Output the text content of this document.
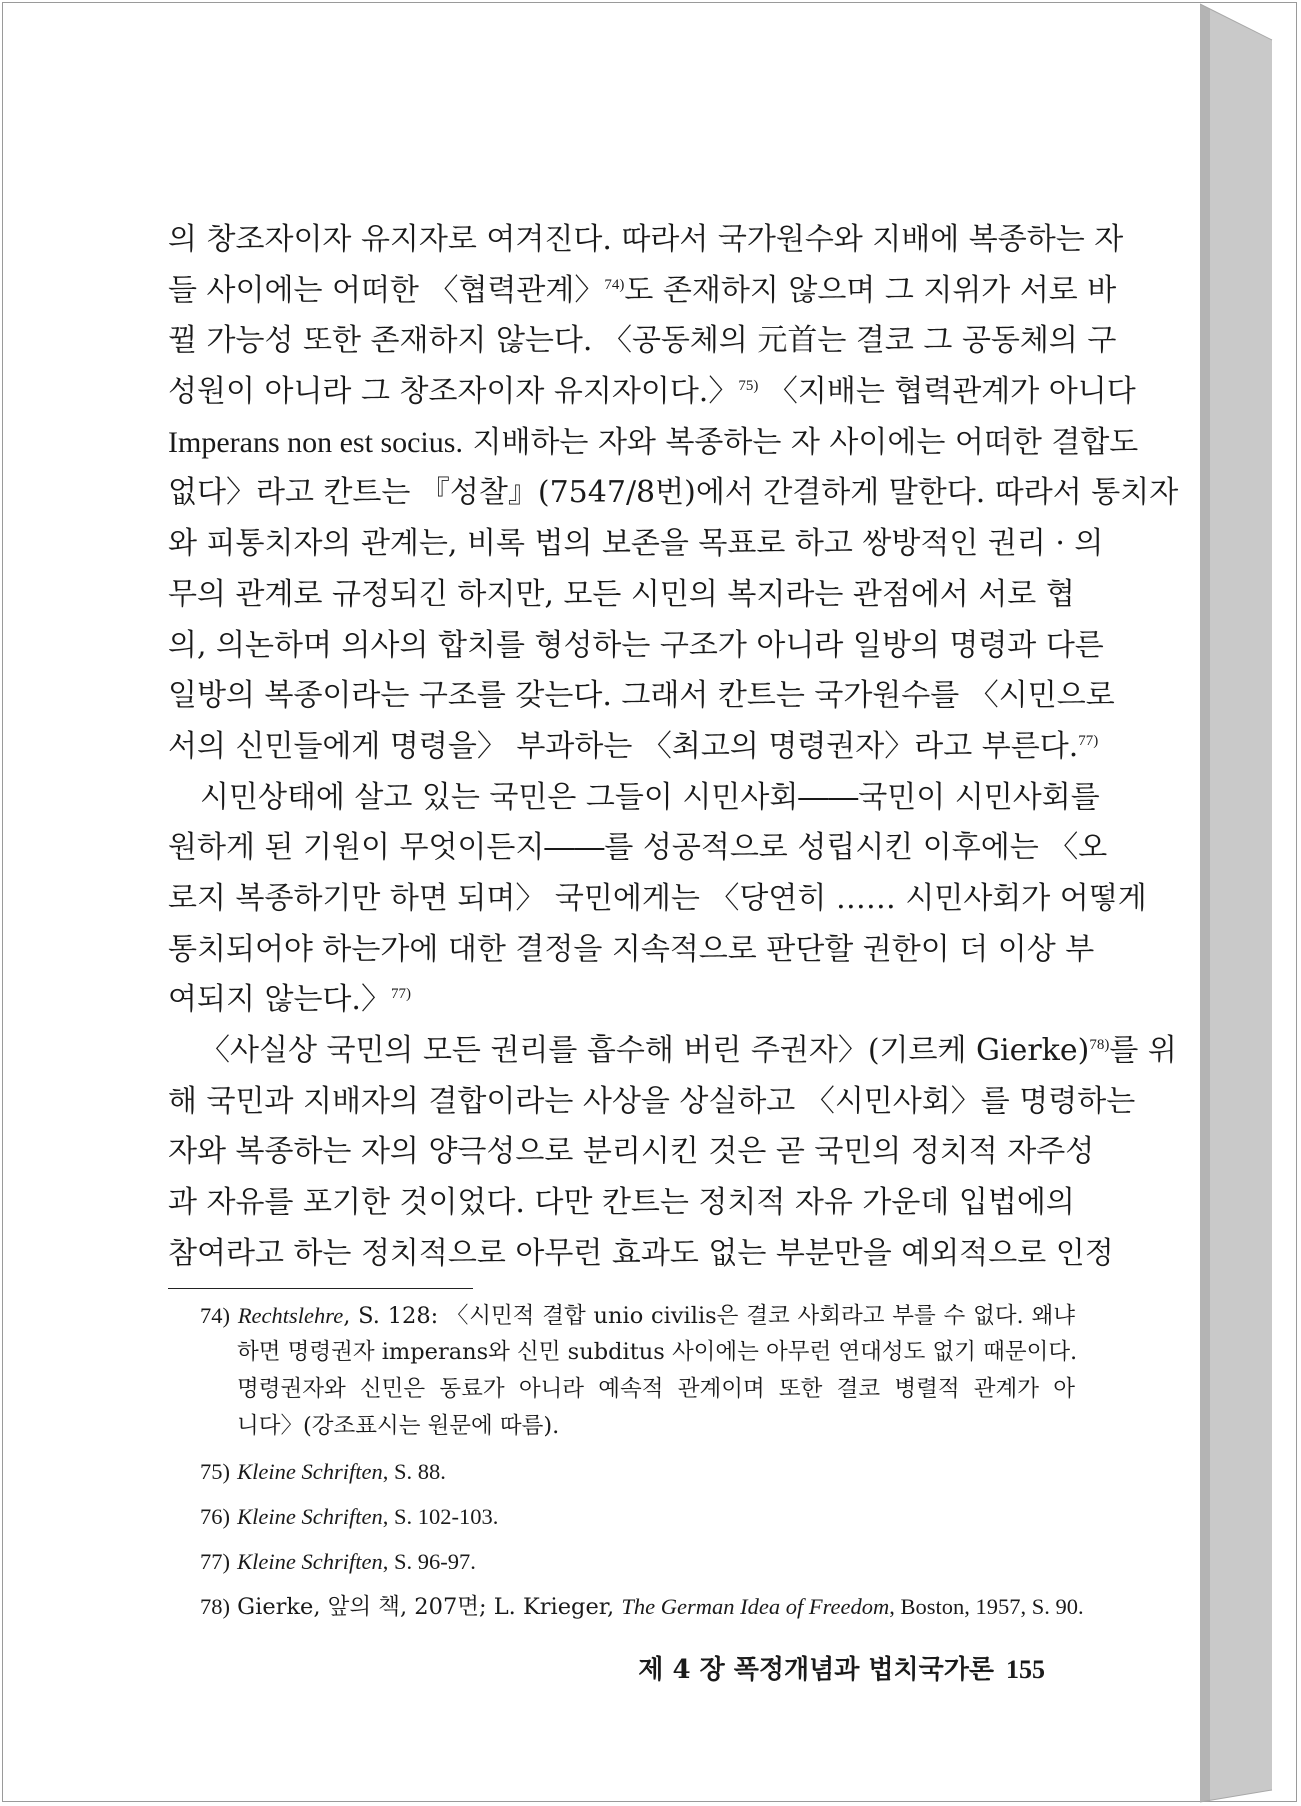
의 창조자이자 유지자로 여겨진다. 따라서 국가원수와 지배에 복종하는 자
들 사이에는 어떠한 〈협력관계〉$^{74)}$도 존재하지 않으며 그 지위가 서로 바
뀔 가능성 또한 존재하지 않는다. 〈공동체의 元首는 결코 그 공동체의 구
성원이 아니라 그 창조자이자 유지자이다.〉$^{75)}$ 〈지배는 협력관계가 아니다
Imperans non est socius. 지배하는 자와 복종하는 자 사이에는 어떠한 결합도
없다〉라고 칸트는 『성찰』(7547/8번)에서 간결하게 말한다. 따라서 통치자
와 피통치자의 관계는, 비록 법의 보존을 목표로 하고 쌍방적인 권리 · 의
무의 관계로 규정되긴 하지만, 모든 시민의 복지라는 관점에서 서로 협
의, 의논하며 의사의 합치를 형성하는 구조가 아니라 일방의 명령과 다른
일방의 복종이라는 구조를 갖는다. 그래서 칸트는 국가원수를 〈시민으로
서의 신민들에게 명령을〉 부과하는 〈최고의 명령권자〉라고 부른다.$^{77)}$
시민상태에 살고 있는 국민은 그들이 시민사회――국민이 시민사회를
원하게 된 기원이 무엇이든지――를 성공적으로 성립시킨 이후에는 〈오
로지 복종하기만 하면 되며〉 국민에게는 〈당연히 …… 시민사회가 어떻게
통치되어야 하는가에 대한 결정을 지속적으로 판단할 권한이 더 이상 부
여되지 않는다.〉$^{77)}$
〈사실상 국민의 모든 권리를 흡수해 버린 주권자〉(기르케 Gierke)$^{78)}$를 위
해 국민과 지배자의 결합이라는 사상을 상실하고 〈시민사회〉를 명령하는
자와 복종하는 자의 양극성으로 분리시킨 것은 곧 국민의 정치적 자주성
과 자유를 포기한 것이었다. 다만 칸트는 정치적 자유 가운데 입법에의
참여라고 하는 정치적으로 아무런 효과도 없는 부분만을 예외적으로 인정
74) Rechtslehre, S. 128: 〈시민적 결합 unio civilis은 결코 사회라고 부를 수 없다. 왜냐
하면 명령권자 imperans와 신민 subditus 사이에는 아무런 연대성도 없기 때문이다.
명령권자와 신민은 동료가 아니라 예속적 관계이며 또한 결코 병렬적 관계가 아
니다〉(강조표시는 원문에 따름).
75) Kleine Schriften, S. 88.
76) Kleine Schriften, S. 102-103.
77) Kleine Schriften, S. 96-97.
78) Gierke, 앞의 책, 207면; L. Krieger, The German Idea of Freedom, Boston, 1957, S. 90.
제 4 장 폭정개념과 법치국가론 155
